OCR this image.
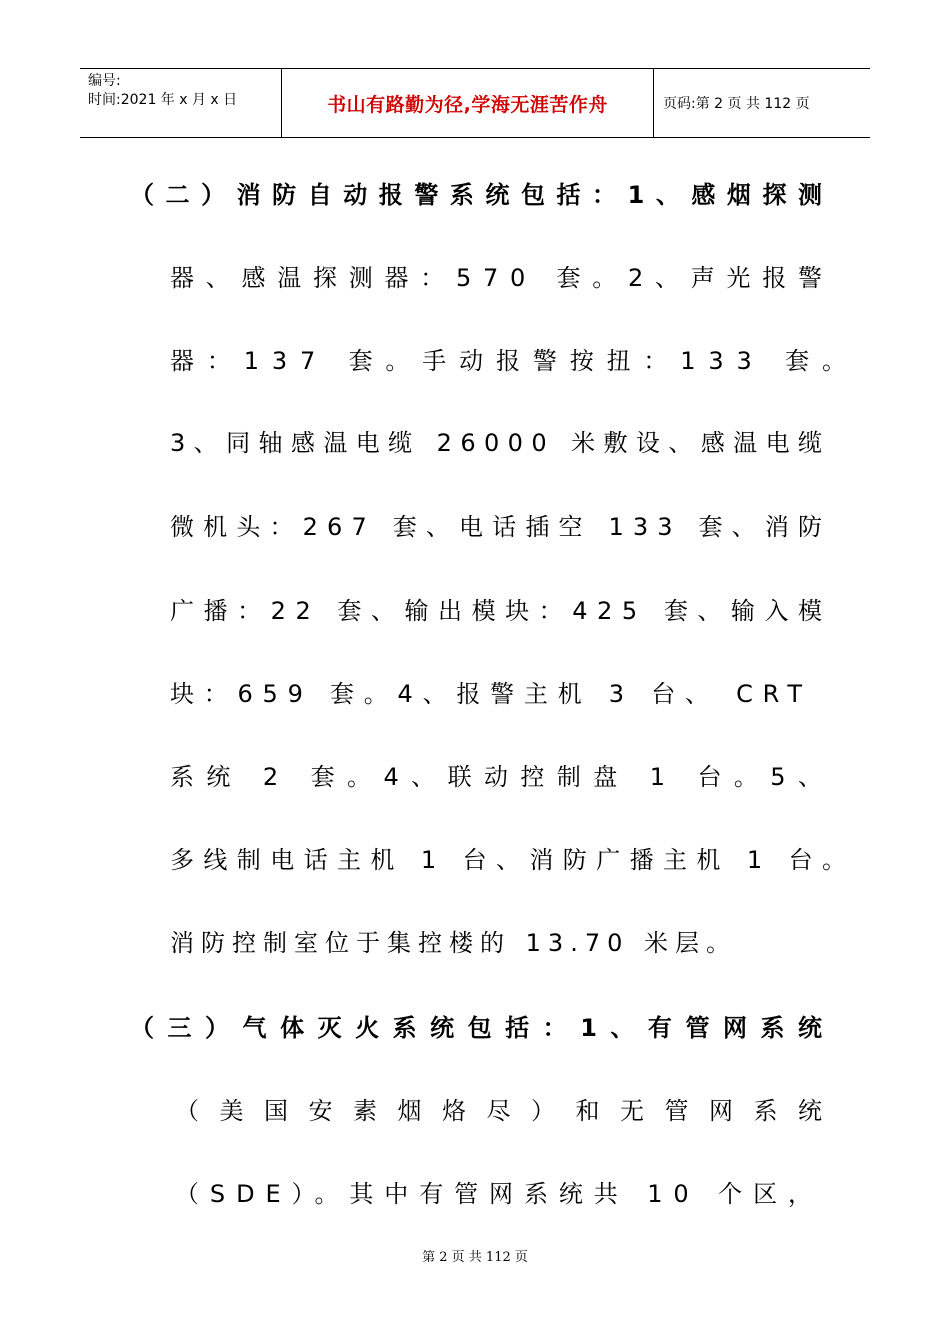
编号:
时间:2021 年 x 月 x 日	书山有路勤为径,学海无涯苦作舟	页码:第 2 页 共 112 页
（二）消防自动报警系统包括：1、感烟探测
器、感温探测器：570 套。2、声光报警
器：137 套。手动报警按扭：133 套。
3、同轴感温电缆 26000 米敷设、感温电缆
微机头：267 套、电话插空 133 套、消防
广播：22 套、输出模块：425 套、输入模
块：659 套。4、报警主机 3 台、 CRT
系统 2 套。4、联动控制盘 1 台。5、
多线制电话主机 1 台、消防广播主机 1 台。
消防控制室位于集控楼的 13.70 米层。
（三）气体灭火系统包括：1、有管网系统
（美国安素烟烙尽）和无管网系统
（SDE）。其中有管网系统共 10 个区，
第 2 页 共 112 页
